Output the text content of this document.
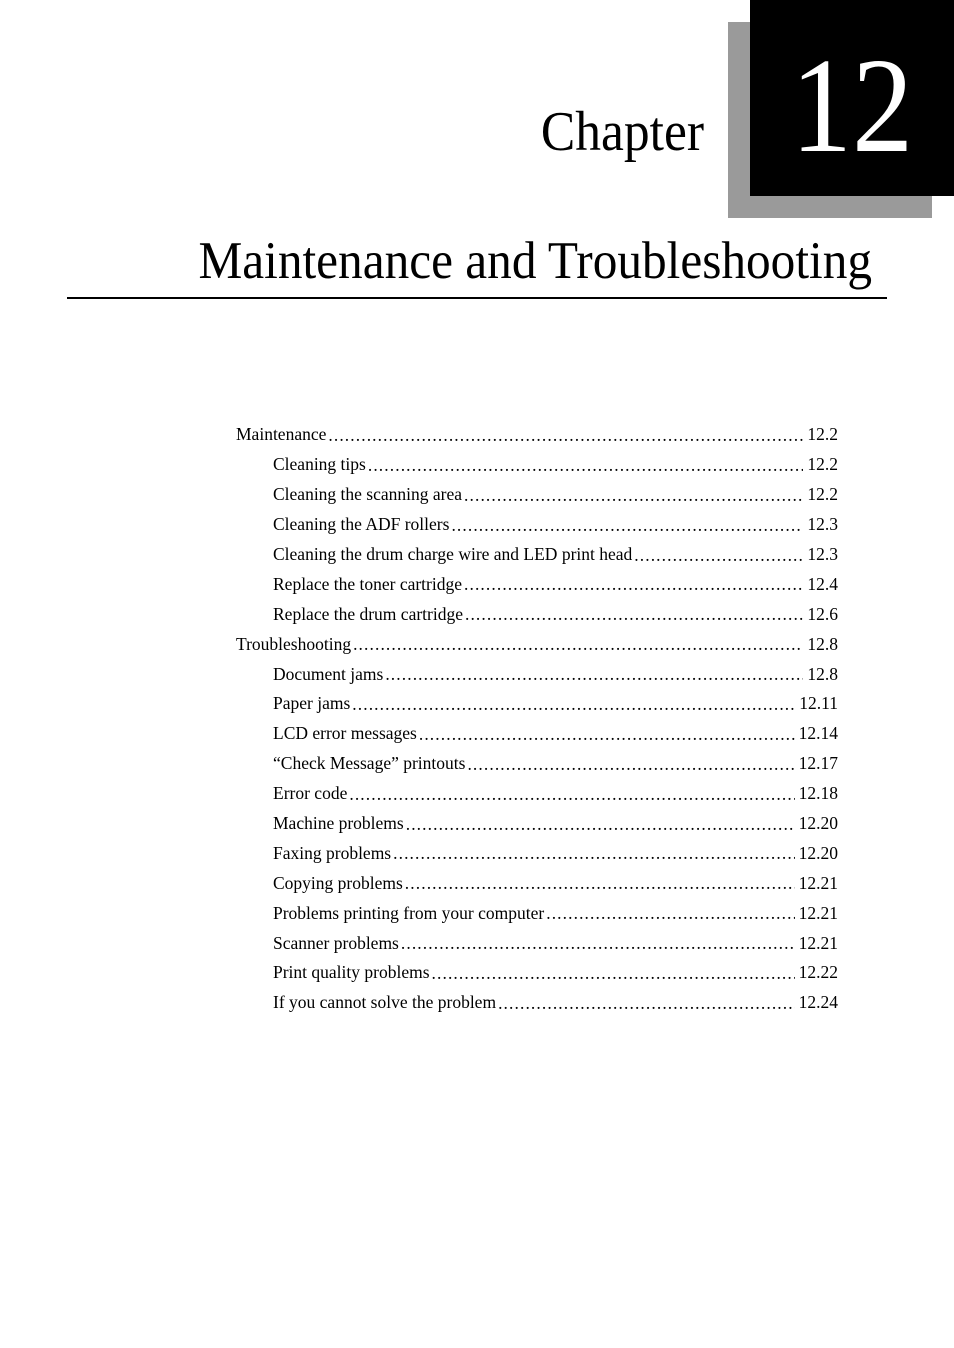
Chapter 12
Maintenance and Troubleshooting
Maintenance .....	12.2
Cleaning tips .....	12.2
Cleaning the scanning area .....	12.2
Cleaning the ADF rollers .....	12.3
Cleaning the drum charge wire and LED print head .....	12.3
Replace the toner cartridge .....	12.4
Replace the drum cartridge .....	12.6
Troubleshooting .....	12.8
Document jams .....	12.8
Paper jams .....	12.11
LCD error messages .....	12.14
“Check Message” printouts .....	12.17
Error code .....	12.18
Machine problems .....	12.20
Faxing problems .....	12.20
Copying problems .....	12.21
Problems printing from your computer .....	12.21
Scanner problems .....	12.21
Print quality problems .....	12.22
If you cannot solve the problem .....	12.24
